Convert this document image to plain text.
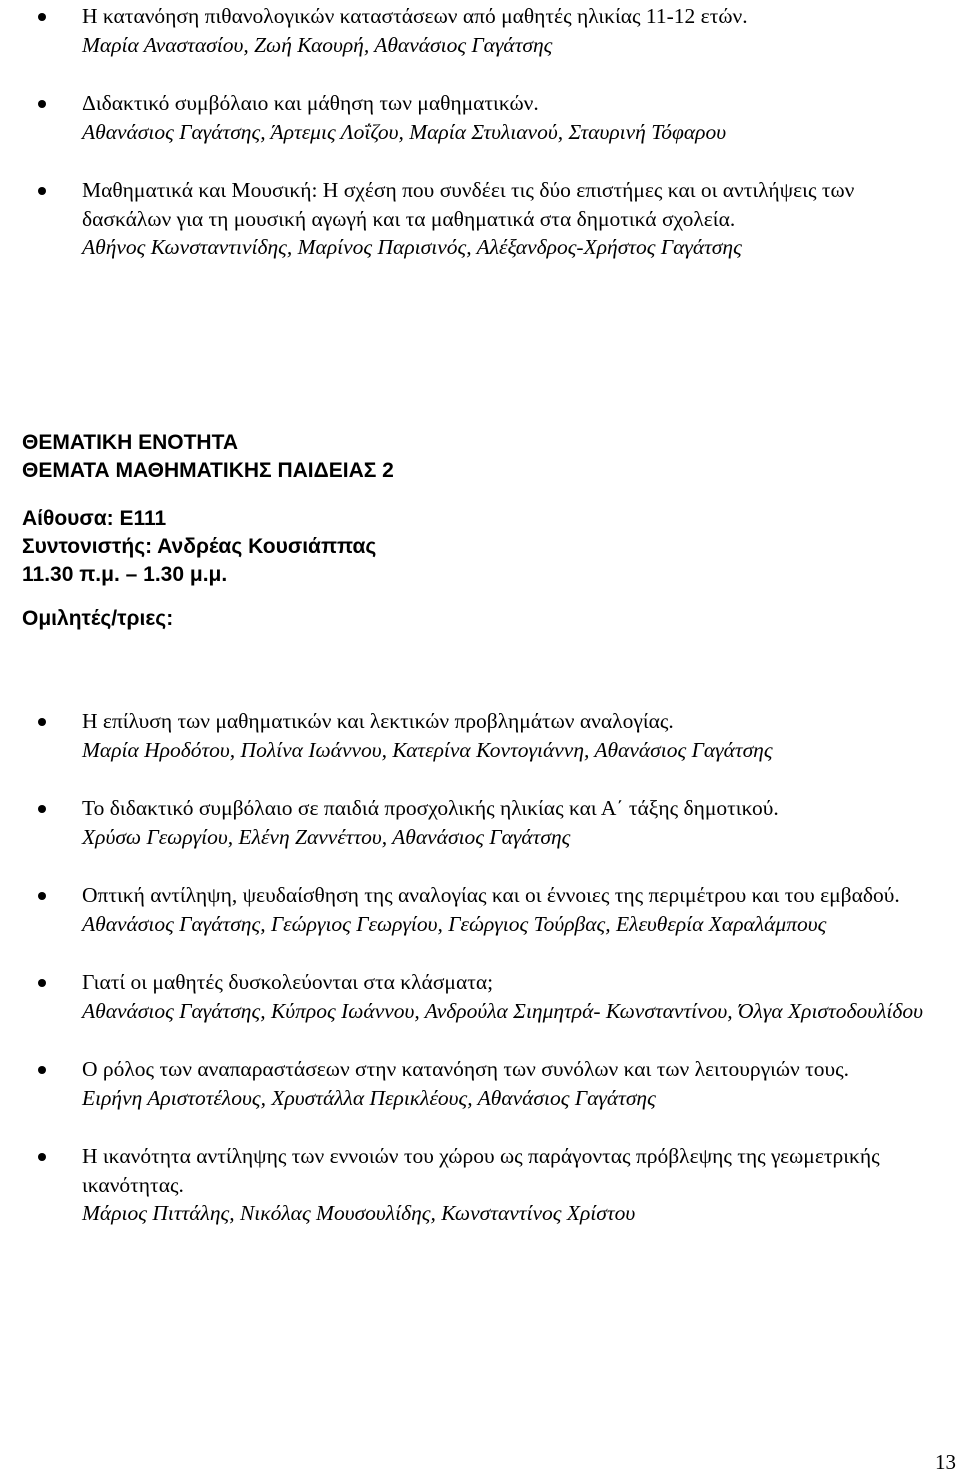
Η κατανόηση πιθανολογικών καταστάσεων από μαθητές ηλικίας 11-12 ετών.
Μαρία Αναστασίου, Ζωή Καουρή, Αθανάσιος Γαγάτσης
Διδακτικό συμβόλαιο και μάθηση των μαθηματικών.
Αθανάσιος Γαγάτσης, Άρτεμις Λοΐζου, Μαρία Στυλιανού, Σταυρινή Τόφαρου
Μαθηματικά και Μουσική: Η σχέση που συνδέει τις δύο επιστήμες και οι αντιλήψεις των δασκάλων για τη μουσική αγωγή και τα μαθηματικά στα δημοτικά σχολεία.
Αθήνος Κωνσταντινίδης, Μαρίνος Παρισινός, Αλέξανδρος-Χρήστος Γαγάτσης
ΘΕΜΑΤΙΚΗ ΕΝΟΤΗΤΑ
ΘΕΜΑΤΑ ΜΑΘΗΜΑΤΙΚΗΣ ΠΑΙΔΕΙΑΣ 2
Αίθουσα: Ε111
Συντονιστής: Ανδρέας Κουσιάππας
11.30 π.μ. – 1.30 μ.μ.
Ομιλητές/τριες:
Η επίλυση των μαθηματικών και λεκτικών προβλημάτων αναλογίας.
Μαρία Ηροδότου, Πολίνα Ιωάννου, Κατερίνα Κοντογιάννη, Αθανάσιος Γαγάτσης
Το διδακτικό συμβόλαιο σε παιδιά προσχολικής ηλικίας και Α΄ τάξης δημοτικού.
Χρύσω Γεωργίου, Ελένη Ζαννέττου, Αθανάσιος Γαγάτσης
Οπτική αντίληψη, ψευδαίσθηση της αναλογίας και οι έννοιες της περιμέτρου και του εμβαδού.
Αθανάσιος Γαγάτσης, Γεώργιος Γεωργίου, Γεώργιος Τούρβας, Ελευθερία Χαραλάμπους
Γιατί οι μαθητές δυσκολεύονται στα κλάσματα;
Αθανάσιος Γαγάτσης, Κύπρος Ιωάννου, Ανδρούλα Σιημητρά- Κωνσταντίνου, Όλγα Χριστοδουλίδου
Ο ρόλος των αναπαραστάσεων στην κατανόηση των συνόλων και των λειτουργιών τους.
Ειρήνη Αριστοτέλους, Χρυστάλλα Περικλέους, Αθανάσιος Γαγάτσης
Η ικανότητα αντίληψης των εννοιών του χώρου ως παράγοντας πρόβλεψης της γεωμετρικής ικανότητας.
Μάριος Πιττάλης, Νικόλας Μουσουλίδης, Κωνσταντίνος Χρίστου
13
